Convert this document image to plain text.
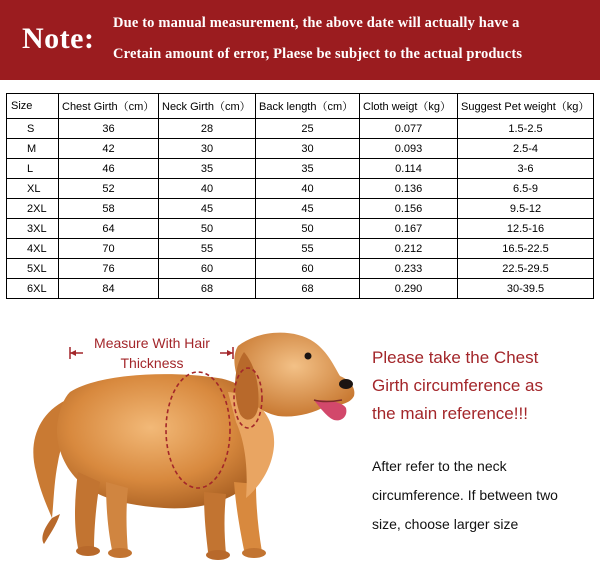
Note: Due to manual measurement, the above date will actually have a
Cretain amount of error, Plaese be subject to the actual products
Size	Chest Girth（cm）	Neck Girth（cm）	Back length（cm）	Cloth weigt（kg）	Suggest Pet weight（kg）
S	36	28	25	0.077	1.5-2.5
M	42	30	30	0.093	2.5-4
L	46	35	35	0.114	3-6
XL	52	40	40	0.136	6.5-9
2XL	58	45	45	0.156	9.5-12
3XL	64	50	50	0.167	12.5-16
4XL	70	55	55	0.212	16.5-22.5
5XL	76	60	60	0.233	22.5-29.5
6XL	84	68	68	0.290	30-39.5
Measure With Hair
Thickness	Please take the Chest
Girth circumference as
the main reference!!!
After refer to the neck
circumference. If between two
size, choose larger size
